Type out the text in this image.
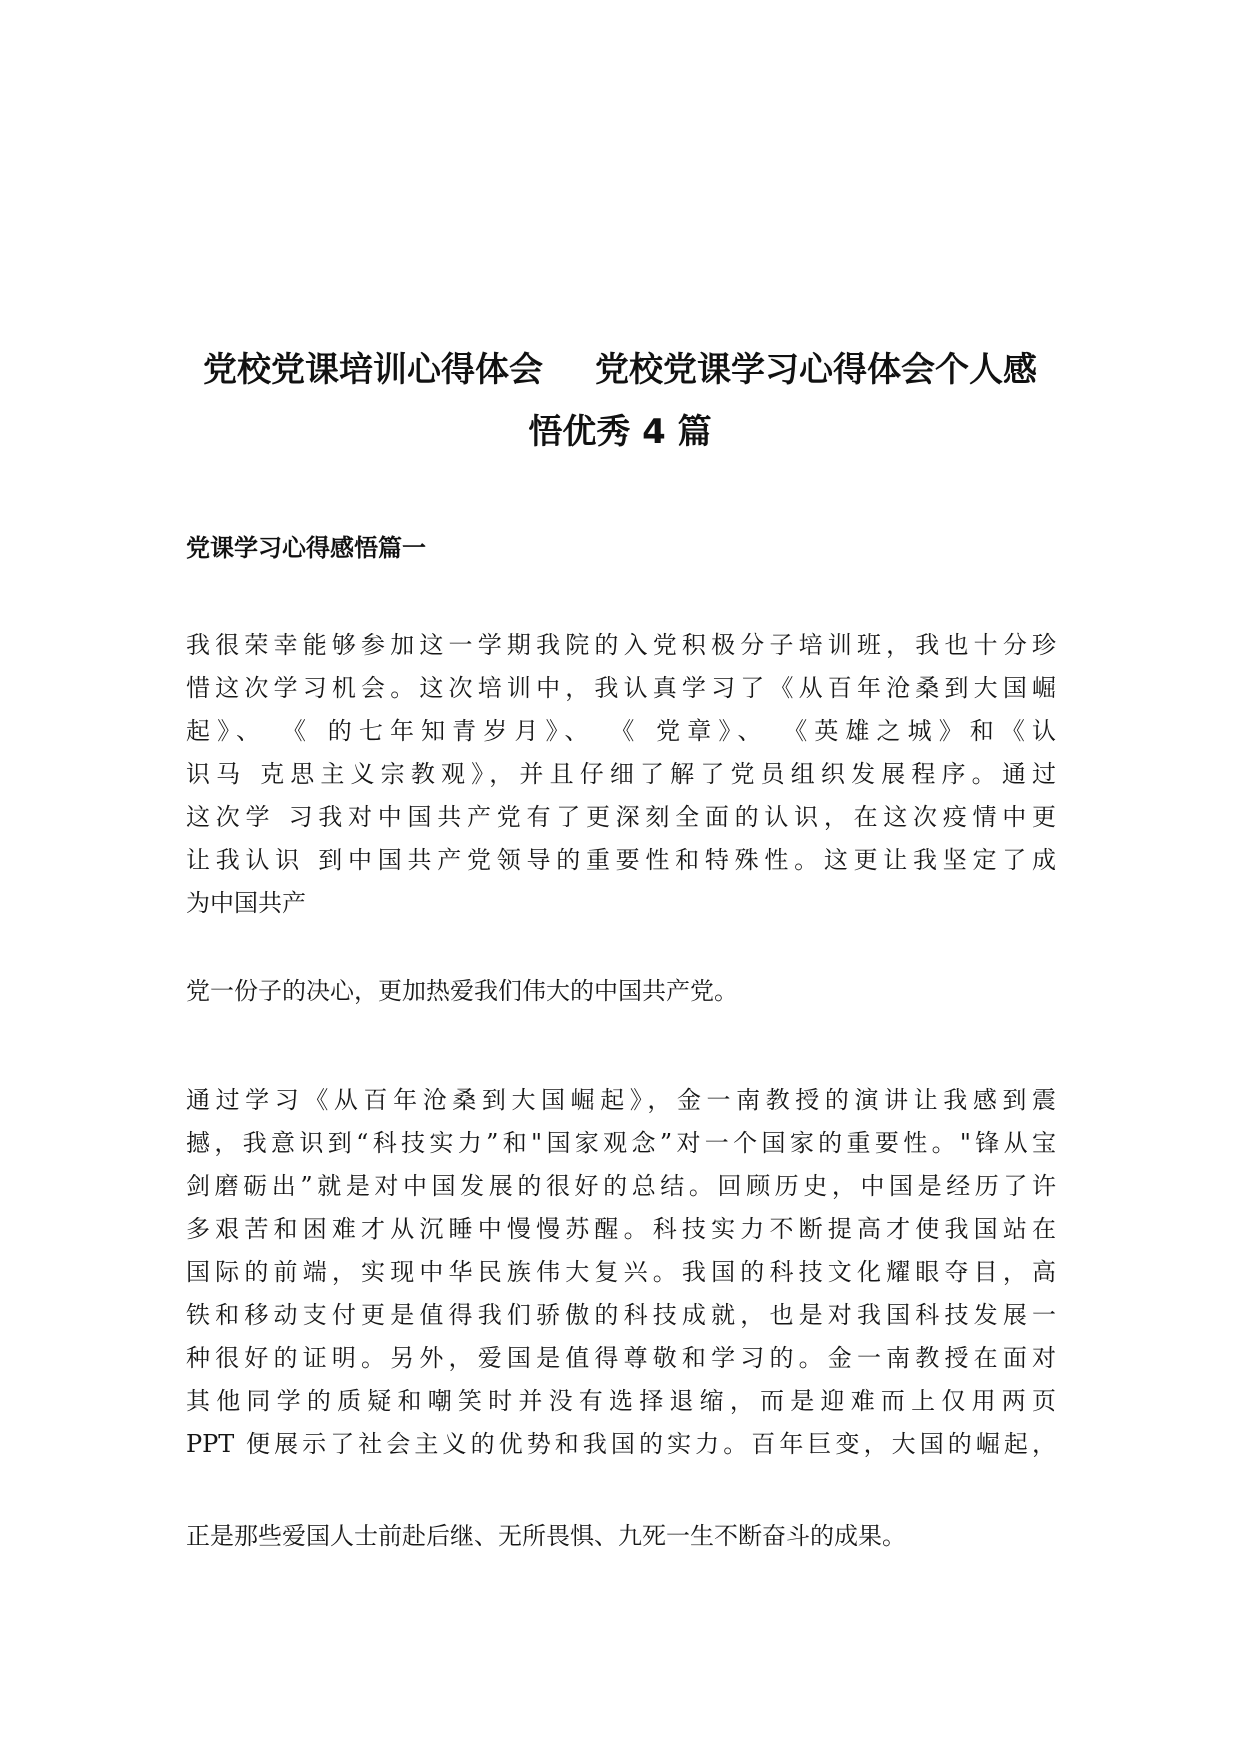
党校党课培训心得体会 党校党课学习心得体会个人感
悟优秀 4 篇
党课学习心得感悟篇一
我很荣幸能够参加这一学期我院的入党积极分子培训班，我也十分珍
惜这次学习机会。这次培训中，我认真学习了《从百年沧桑到大国崛
起》、 《 的七年知青岁月》、 《 党章》、 《英雄之城》和《认
识马 克思主义宗教观》，并且仔细了解了党员组织发展程序。通过
这次学 习我对中国共产党有了更深刻全面的认识，在这次疫情中更
让我认识 到中国共产党领导的重要性和特殊性。这更让我坚定了成
为中国共产
党一份子的决心，更加热爱我们伟大的中国共产党。
通过学习《从百年沧桑到大国崛起》，金一南教授的演讲让我感到震
撼，我意识到“科技实力”和"国家观念”对一个国家的重要性。"锋从宝
剑磨砺出”就是对中国发展的很好的总结。回顾历史，中国是经历了许
多艰苦和困难才从沉睡中慢慢苏醒。科技实力不断提高才使我国站在
国际的前端，实现中华民族伟大复兴。我国的科技文化耀眼夺目，高
铁和移动支付更是值得我们骄傲的科技成就，也是对我国科技发展一
种很好的证明。另外，爱国是值得尊敬和学习的。金一南教授在面对
其他同学的质疑和嘲笑时并没有选择退缩，而是迎难而上仅用两页
PPT 便展示了社会主义的优势和我国的实力。百年巨变，大国的崛起，
正是那些爱国人士前赴后继、无所畏惧、九死一生不断奋斗的成果。
